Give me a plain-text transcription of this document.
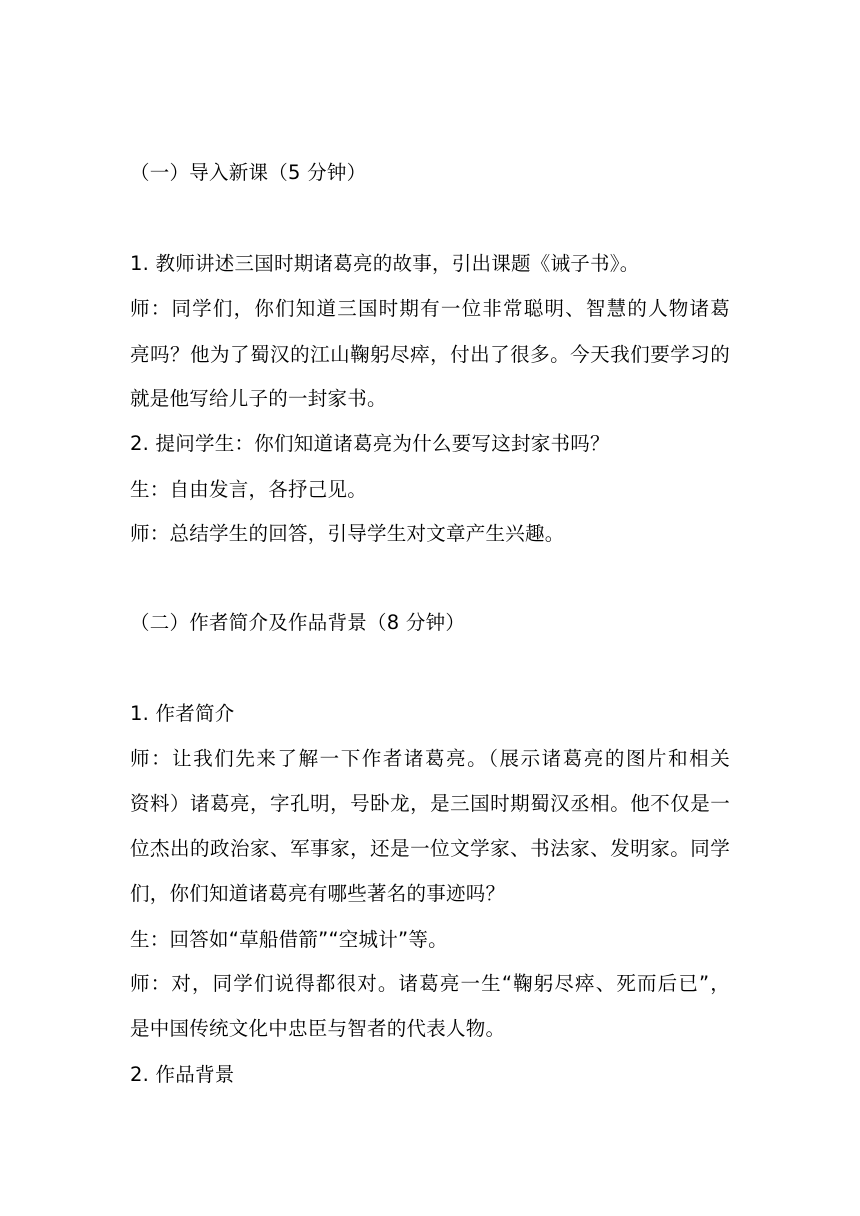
（一）导入新课（5 分钟）
1. 教师讲述三国时期诸葛亮的故事，引出课题《诫子书》。
师：同学们，你们知道三国时期有一位非常聪明、智慧的人物诸葛
亮吗？他为了蜀汉的江山鞠躬尽瘁，付出了很多。今天我们要学习的
就是他写给儿子的一封家书。
2. 提问学生：你们知道诸葛亮为什么要写这封家书吗？
生：自由发言，各抒己见。
师：总结学生的回答，引导学生对文章产生兴趣。
（二）作者简介及作品背景（8 分钟）
1. 作者简介
师：让我们先来了解一下作者诸葛亮。（展示诸葛亮的图片和相关
资料）诸葛亮，字孔明，号卧龙，是三国时期蜀汉丞相。他不仅是一
位杰出的政治家、军事家，还是一位文学家、书法家、发明家。同学
们，你们知道诸葛亮有哪些著名的事迹吗？
生：回答如“草船借箭”“空城计”等。
师：对，同学们说得都很对。诸葛亮一生“鞠躬尽瘁、死而后已”，
是中国传统文化中忠臣与智者的代表人物。
2. 作品背景
